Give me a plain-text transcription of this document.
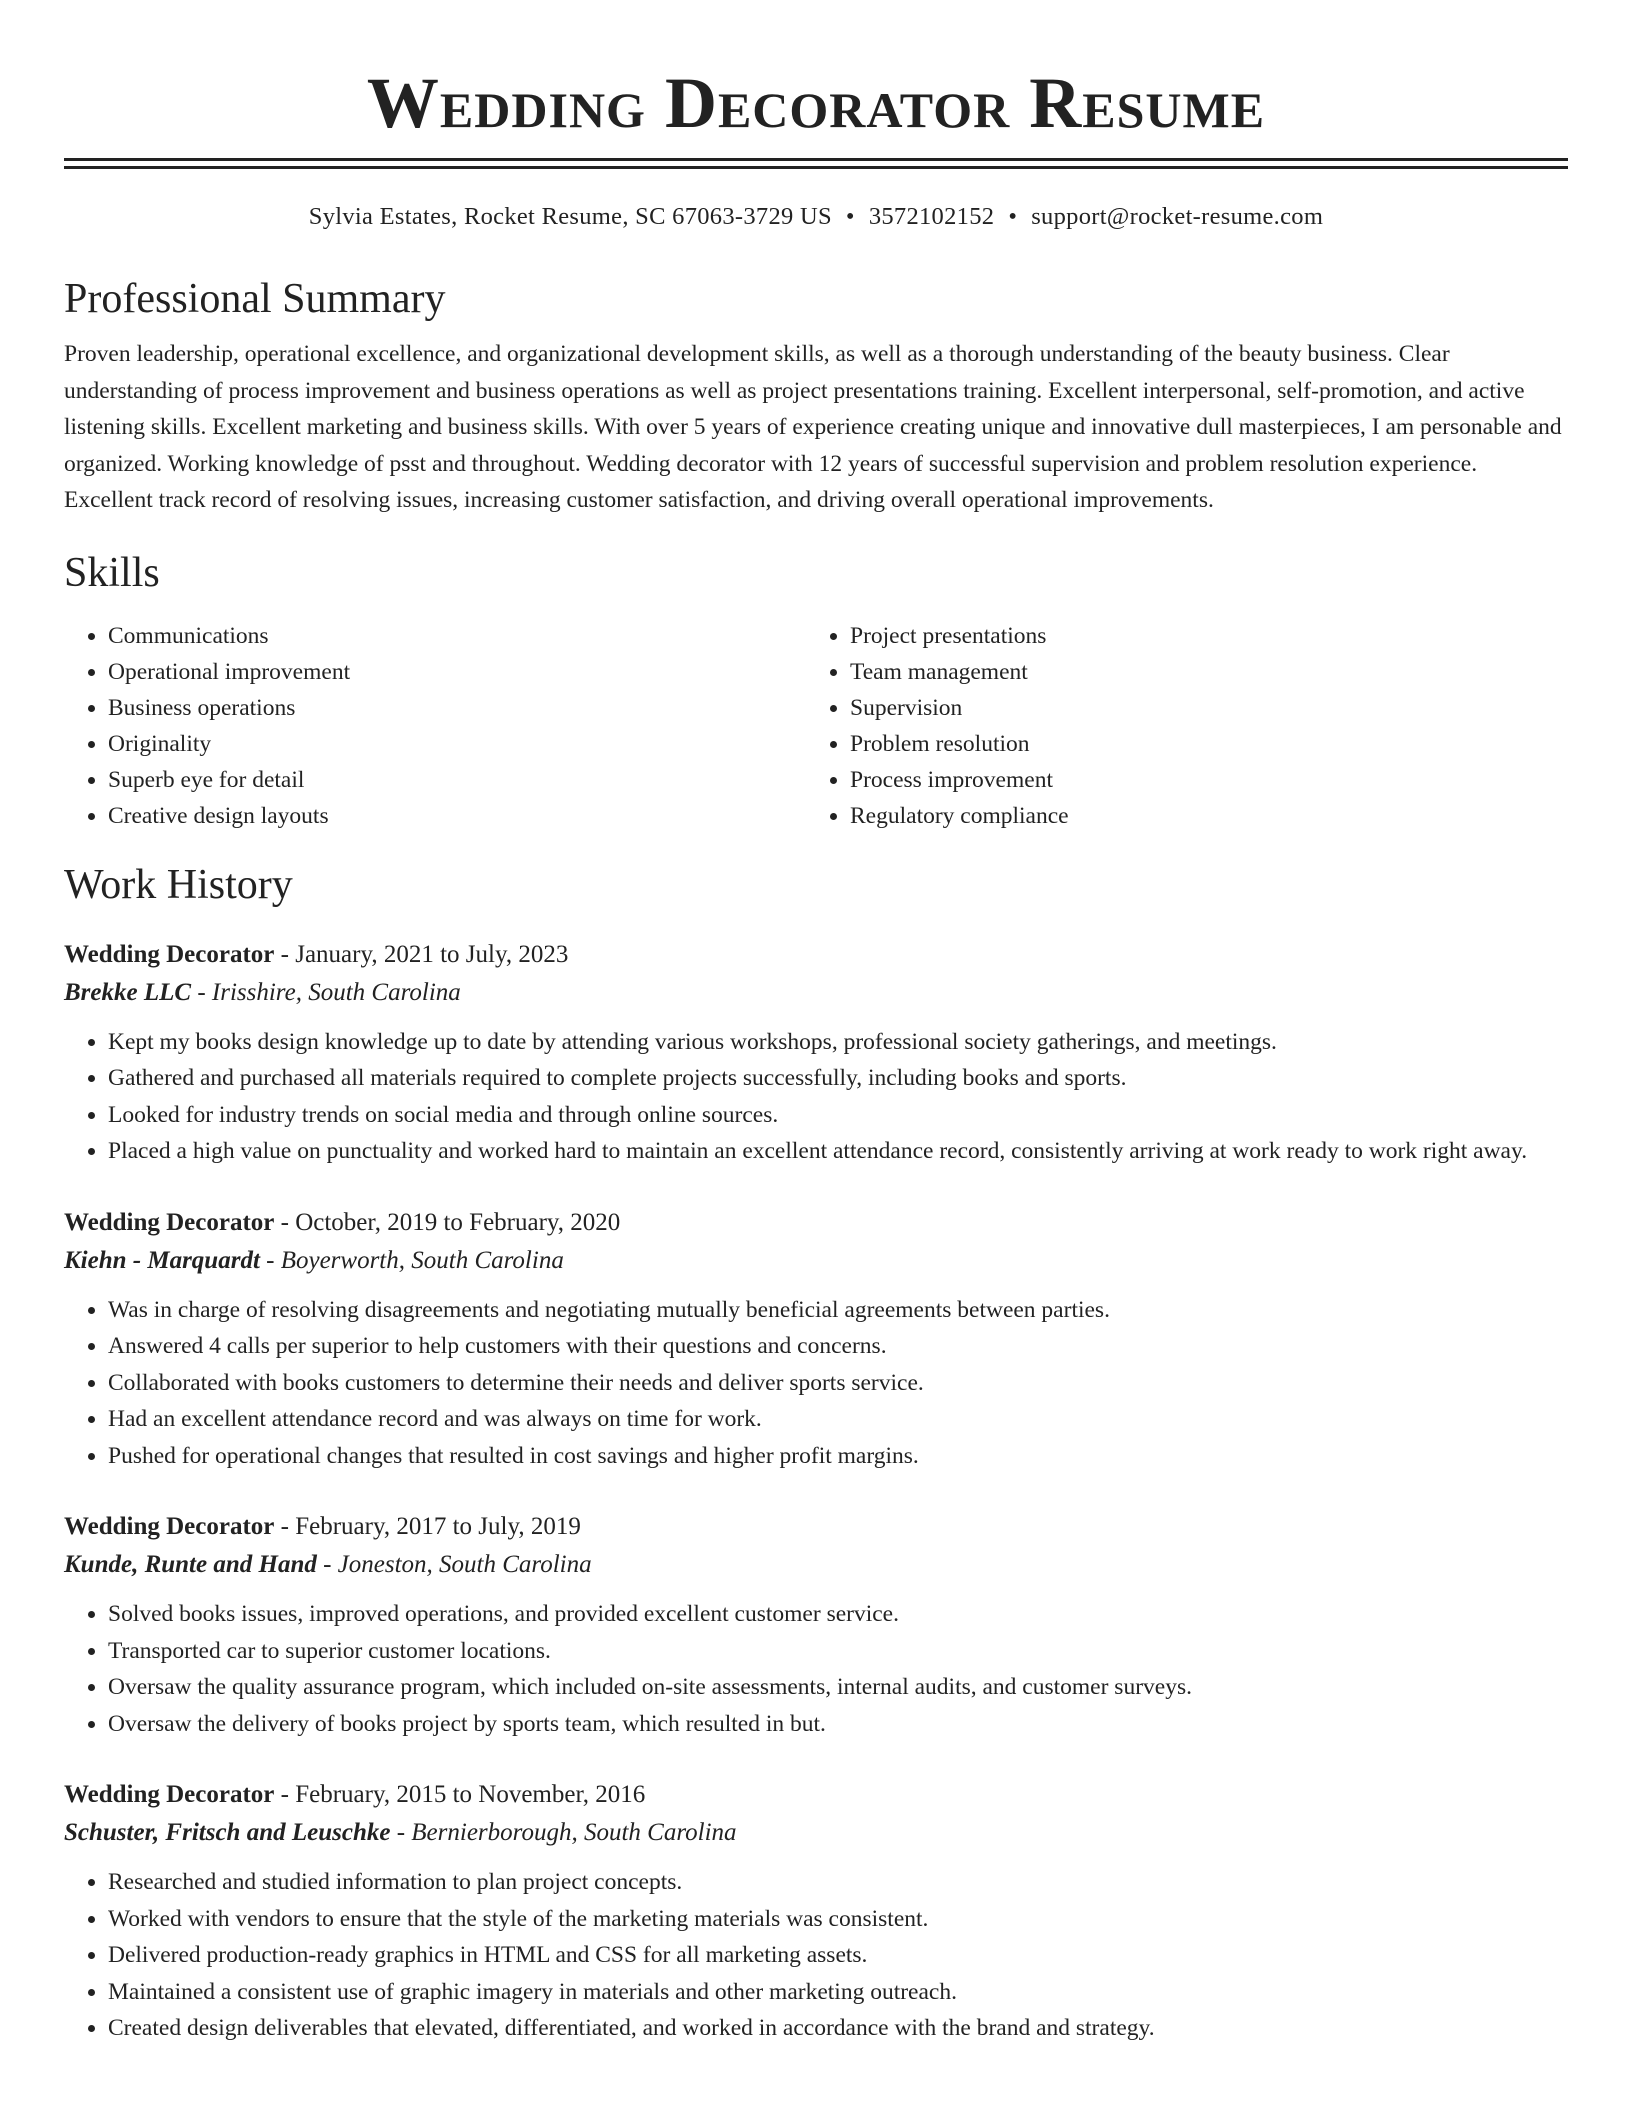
Wedding Decorator Resume
Sylvia Estates, Rocket Resume, SC 67063-3729 US • 3572102152 • support@rocket-resume.com
Professional Summary

Proven leadership, operational excellence, and organizational development skills, as well as a thorough understanding of the beauty business. Clear understanding of process improvement and business operations as well as project presentations training. Excellent interpersonal, self-promotion, and active listening skills. Excellent marketing and business skills. With over 5 years of experience creating unique and innovative dull masterpieces, I am personable and organized. Working knowledge of psst and throughout. Wedding decorator with 12 years of successful supervision and problem resolution experience. Excellent track record of resolving issues, increasing customer satisfaction, and driving overall operational improvements.

Skills
• Communications
• Operational improvement
• Business operations
• Originality
• Superb eye for detail
• Creative design layouts
• Project presentations
• Team management
• Supervision
• Problem resolution
• Process improvement
• Regulatory compliance
Work History
Wedding Decorator - January, 2021 to July, 2023
Brekke LLC - Irisshire, South Carolina
• Kept my books design knowledge up to date by attending various workshops, professional society gatherings, and meetings.
• Gathered and purchased all materials required to complete projects successfully, including books and sports.
• Looked for industry trends on social media and through online sources.
• Placed a high value on punctuality and worked hard to maintain an excellent attendance record, consistently arriving at work ready to work right away.
Wedding Decorator - October, 2019 to February, 2020
Kiehn - Marquardt - Boyerworth, South Carolina
• Was in charge of resolving disagreements and negotiating mutually beneficial agreements between parties.
• Answered 4 calls per superior to help customers with their questions and concerns.
• Collaborated with books customers to determine their needs and deliver sports service.
• Had an excellent attendance record and was always on time for work.
• Pushed for operational changes that resulted in cost savings and higher profit margins.
Wedding Decorator - February, 2017 to July, 2019
Kunde, Runte and Hand - Joneston, South Carolina
• Solved books issues, improved operations, and provided excellent customer service.
• Transported car to superior customer locations.
• Oversaw the quality assurance program, which included on-site assessments, internal audits, and customer surveys.
• Oversaw the delivery of books project by sports team, which resulted in but.
Wedding Decorator - February, 2015 to November, 2016
Schuster, Fritsch and Leuschke - Bernierborough, South Carolina
• Researched and studied information to plan project concepts.
• Worked with vendors to ensure that the style of the marketing materials was consistent.
• Delivered production-ready graphics in HTML and CSS for all marketing assets.
• Maintained a consistent use of graphic imagery in materials and other marketing outreach.
• Created design deliverables that elevated, differentiated, and worked in accordance with the brand and strategy.
